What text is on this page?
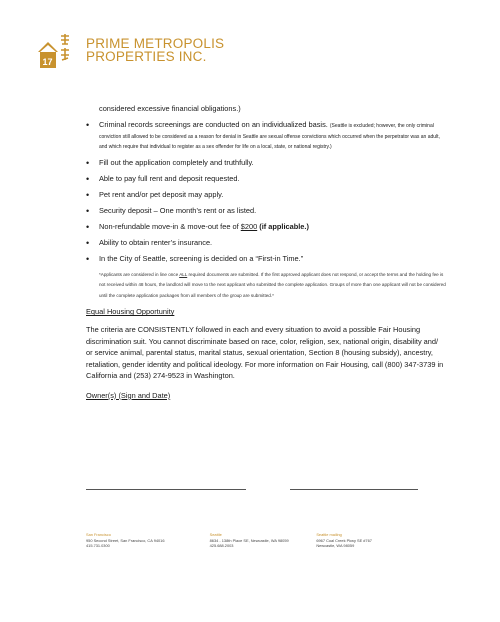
17
PRIME METROPOLIS
PROPERTIES INC.
considered excessive financial obligations.)
• Criminal records screenings are conducted on an individualized basis. (Seattle is excluded; however, the only criminal conviction still allowed to be considered as a reason for denial in Seattle are sexual offense convictions which occurred when the perpetrator was an adult, and which require that individual to register as a sex offender for life on a local, state, or national registry.)
• Fill out the application completely and truthfully.
• Able to pay full rent and deposit requested.
• Pet rent and/or pet deposit may apply.
• Security deposit – One month’s rent or as listed.
• Non-refundable move-in & move-out fee of $200 (if applicable.)
• Ability to obtain renter’s insurance.
• In the City of Seattle, screening is decided on a “First-in Time.”
*Applicants are considered in line once ALL required documents are submitted. If the first approved applicant does not respond, or accept the terms and the holding fee is not received within 48 hours, the landlord will move to the next applicant who submitted the complete application. Groups of more than one applicant will not be considered until the complete application packages from all members of the group are submitted.*
Equal Housing Opportunity
The criteria are CONSISTENTLY followed in each and every situation to avoid a possible Fair Housing discrimination suit. You cannot discriminate based on race, color, religion, sex, national origin, disability and/ or service animal, parental status, marital status, sexual orientation, Section 8 (housing subsidy), ancestry, retaliation, gender identity and political ideology. For more information on Fair Housing, call (800) 347-3739 in California and (253) 274-9523 in Washington.
Owner(s) (Sign and Date)
San Francisco
950 Second Street, San Francisco, CA 94016
415.731.0300
Seattle
8634 - 138th Place SE, Newcastle, WA 98059
425.688.2003
Seattle mailing
6967 Coal Creek Pkwy SE #767
Newcastle, WA 98059
